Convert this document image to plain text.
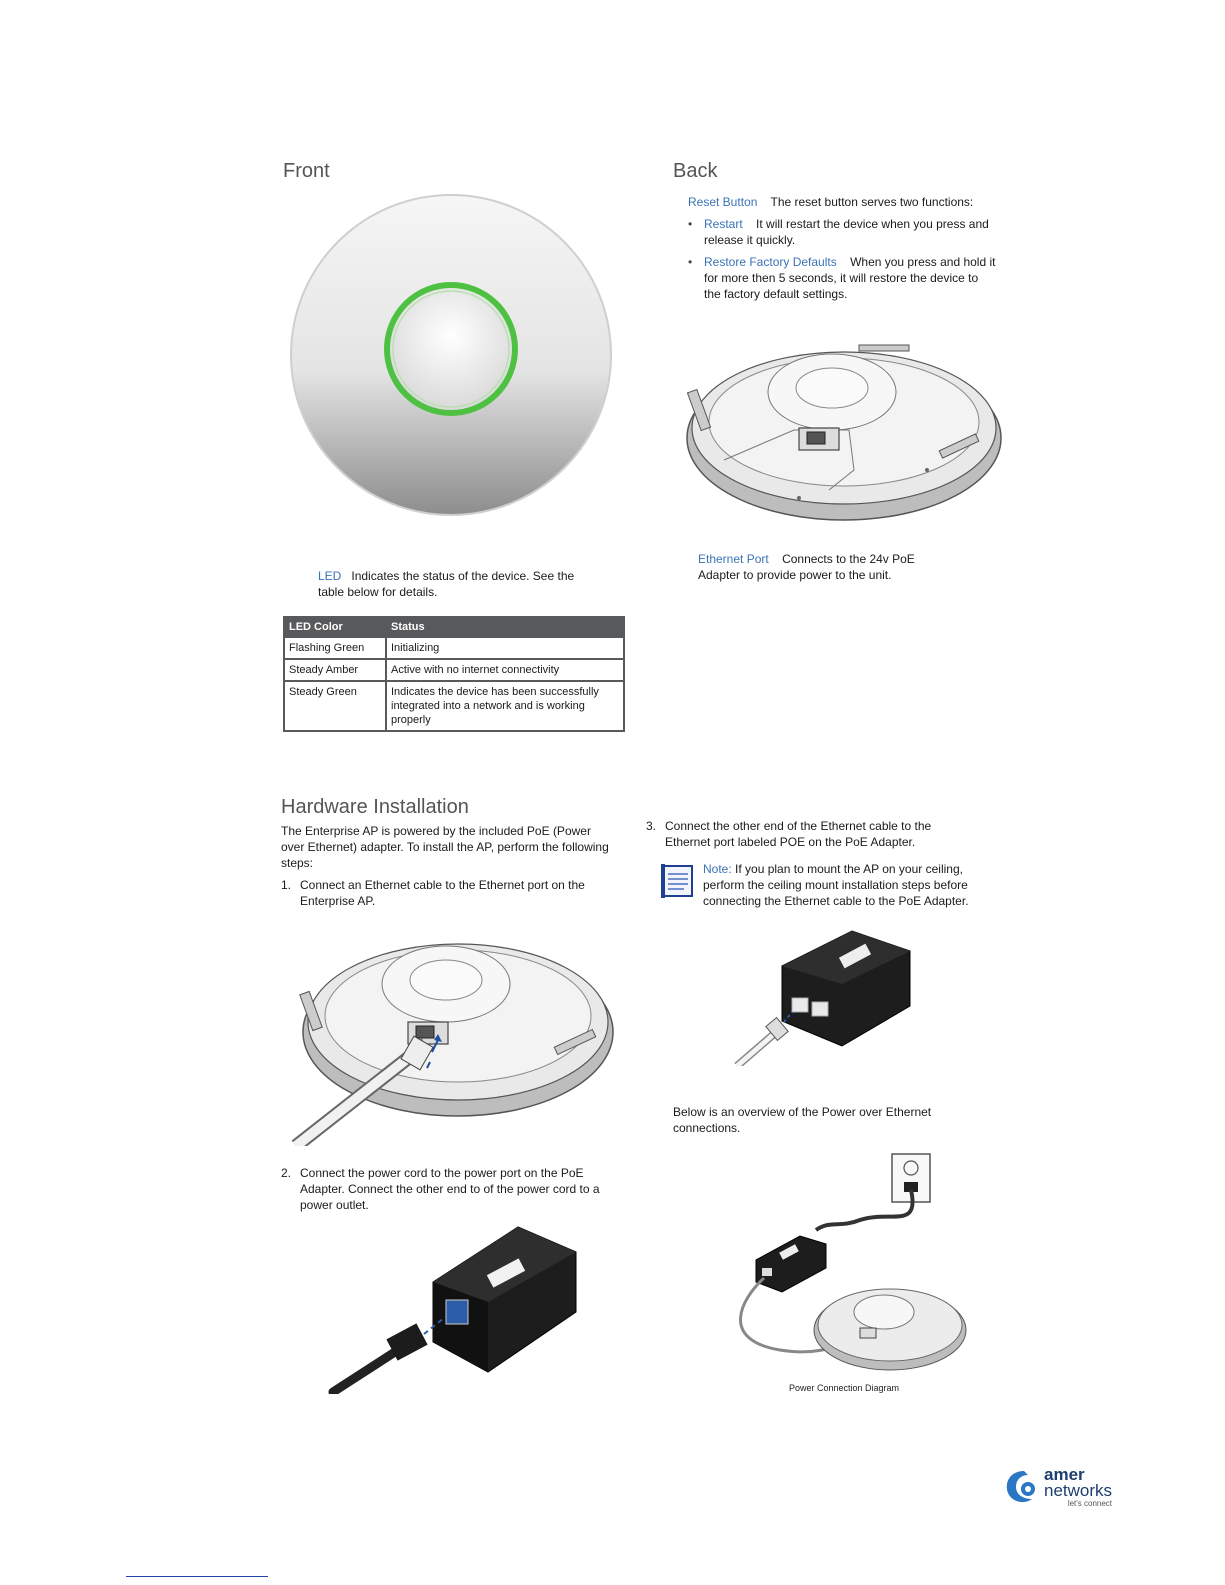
Front
LED Indicates the status of the device. See the table below for details.
LED Color	Status
Flashing Green	Initializing
Steady Amber	Active with no internet connectivity
Steady Green	Indicates the device has been successfully integrated into a network and is working properly
Back
Reset Button The reset button serves two functions:
• Restart It will restart the device when you press and release it quickly.
• Restore Factory Defaults When you press and hold it for more then 5 seconds, it will restore the device to the factory default settings.
Ethernet Port Connects to the 24v PoE Adapter to provide power to the unit.
Hardware Installation
The Enterprise AP is powered by the included PoE (Power over Ethernet) adapter. To install the AP, perform the following steps:
1. Connect an Ethernet cable to the Ethernet port on the Enterprise AP.
2. Connect the power cord to the power port on the PoE Adapter. Connect the other end to of the power cord to a power outlet.
3. Connect the other end of the Ethernet cable to the Ethernet port labeled POE on the PoE Adapter.
Note: If you plan to mount the AP on your ceiling, perform the ceiling mount installation steps before connecting the Ethernet cable to the PoE Adapter.
Below is an overview of the Power over Ethernet connections.
Power Connection Diagram
amer
networks
let's connect
